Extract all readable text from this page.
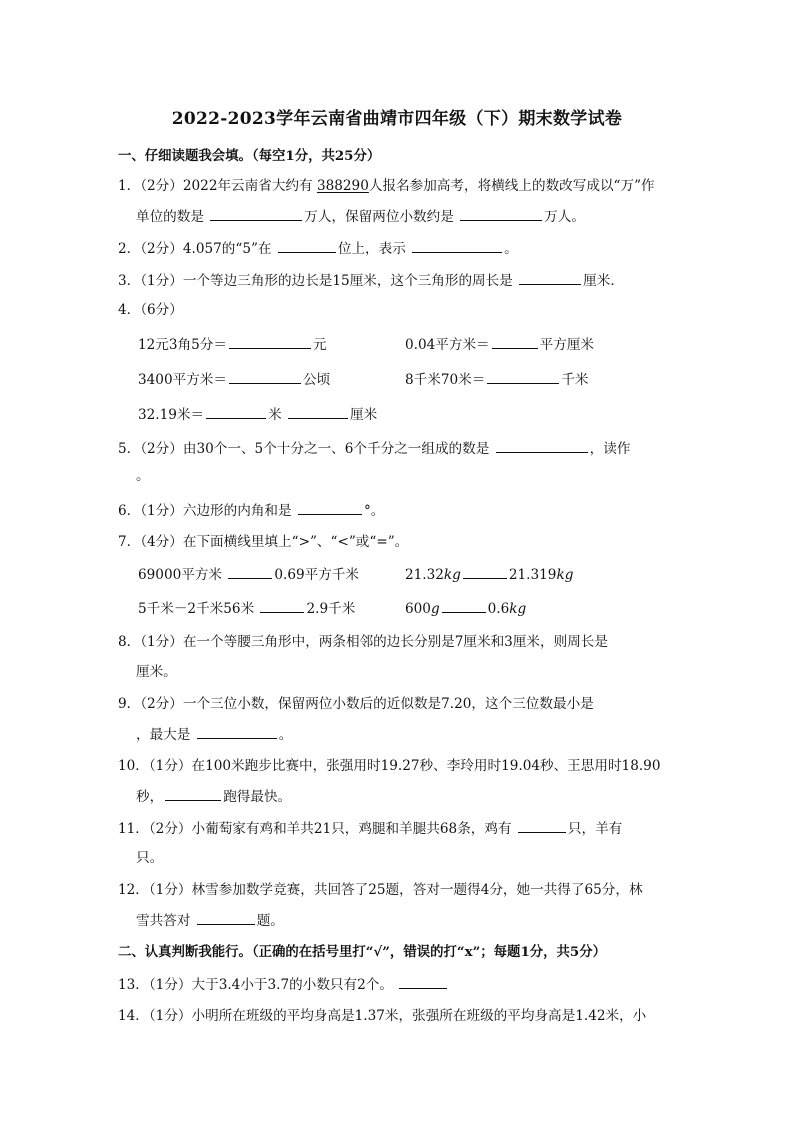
2022-2023学年云南省曲靖市四年级（下）期末数学试卷
一、仔细读题我会填。（每空1分，共25分）
1．（2分）2022年云南省大约有 388290人报名参加高考，将横线上的数改写成以“万”作
单位的数是	万人，保留两位小数约是	万人。
2．（2分）4.057的“5”在	位上，表示	。
3．（1分）一个等边三角形的边长是15厘米，这个三角形的周长是	厘米．
4．（6分）
12元3角5分＝	元	0.04平方米＝	平方厘米
3400平方米＝	公顷	8千米70米＝	千米
32.19米＝	米	厘米
5．（2分）由30个一、5个十分之一、6个千分之一组成的数是	，读作
。
6．（1分）六边形的内角和是	°。
7．（4分）在下面横线里填上“>”、“<”或“=”。
69000平方米	0.69平方千米	21.32kg	21.319kg
5千米－2千米56米	2.9千米	600g	0.6kg
8．（1分）在一个等腰三角形中，两条相邻的边长分别是7厘米和3厘米，则周长是
厘米。
9．（2分）一个三位小数，保留两位小数后的近似数是7.20，这个三位数最小是
，最大是	。
10．（1分）在100米跑步比赛中，张强用时19.27秒、李玲用时19.04秒、王思用时18.90
秒，	跑得最快。
11．（2分）小葡萄家有鸡和羊共21只，鸡腿和羊腿共68条，鸡有	只，羊有
只。
12．（1分）林雪参加数学竞赛，共回答了25题，答对一题得4分，她一共得了65分，林
雪共答对	题。
二、认真判断我能行。（正确的在括号里打“√”，错误的打“x”；每题1分，共5分）
13．（1分）大于3.4小于3.7的小数只有2个。
14．（1分）小明所在班级的平均身高是1.37米，张强所在班级的平均身高是1.42米，小
